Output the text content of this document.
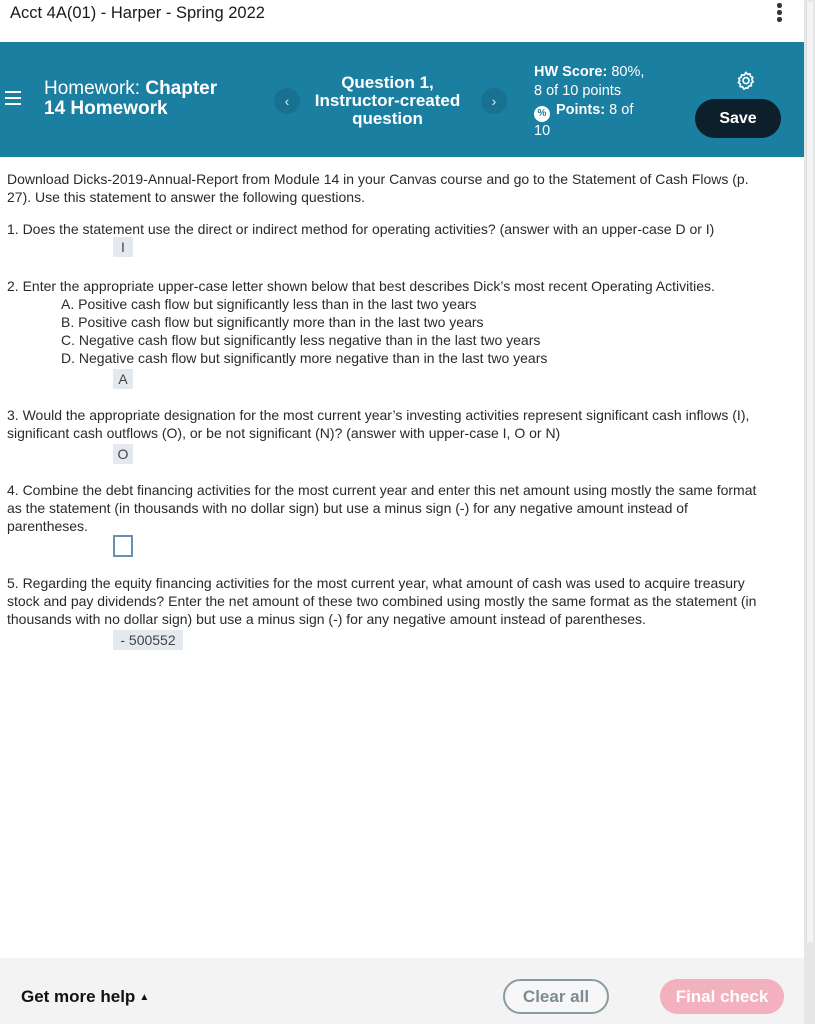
Acct 4A(01) - Harper - Spring 2022
Homework: Chapter
14 Homework	‹
Question 1,
Instructor-created
question
›
HW Score: 80%,
8 of 10 points
% Points: 8 of
10
Save
Download Dicks-2019-Annual-Report from Module 14 in your Canvas course and go to the Statement of Cash Flows (p.
27). Use this statement to answer the following questions.
1. Does the statement use the direct or indirect method for operating activities? (answer with an upper-case D or I)
I
2. Enter the appropriate upper-case letter shown below that best describes Dick’s most recent Operating Activities.
A. Positive cash flow but significantly less than in the last two years
B. Positive cash flow but significantly more than in the last two years
C. Negative cash flow but significantly less negative than in the last two years
D. Negative cash flow but significantly more negative than in the last two years
A
3. Would the appropriate designation for the most current year’s investing activities represent significant cash inflows (I),
significant cash outflows (O), or be not significant (N)? (answer with upper-case I, O or N)
O
4. Combine the debt financing activities for the most current year and enter this net amount using mostly the same format
as the statement (in thousands with no dollar sign) but use a minus sign (-) for any negative amount instead of
parentheses.
5. Regarding the equity financing activities for the most current year, what amount of cash was used to acquire treasury
stock and pay dividends? Enter the net amount of these two combined using mostly the same format as the statement (in
thousands with no dollar sign) but use a minus sign (-) for any negative amount instead of parentheses.
- 500552
Get more help ▲	Clear all	Final check
